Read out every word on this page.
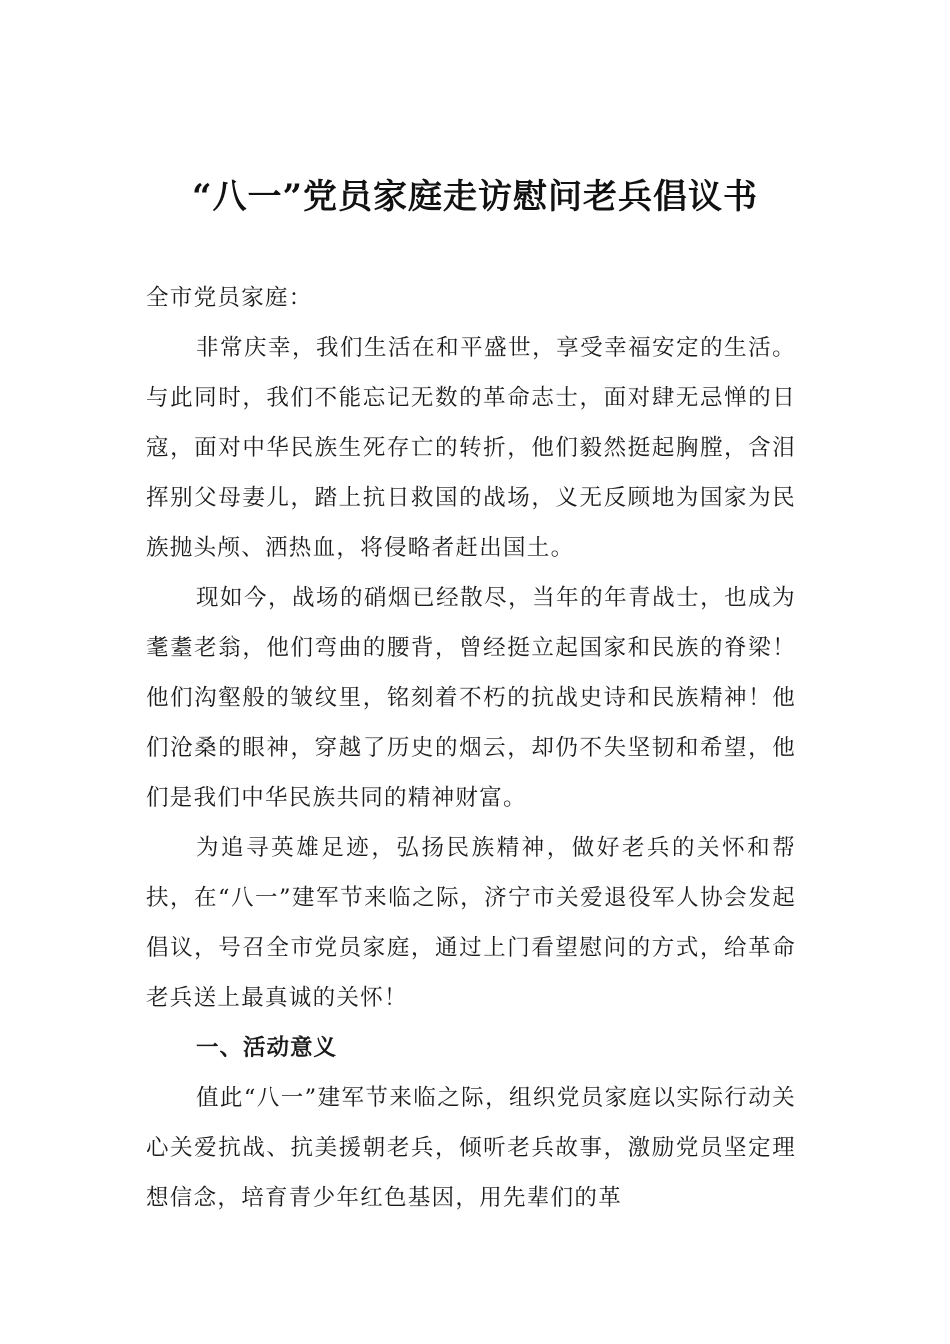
“八一”党员家庭走访慰问老兵倡议书

全市党员家庭：

非常庆幸，我们生活在和平盛世，享受幸福安定的生活。与此同时，我们不能忘记无数的革命志士，面对肆无忌惮的日寇，面对中华民族生死存亡的转折，他们毅然挺起胸膛，含泪挥别父母妻儿，踏上抗日救国的战场，义无反顾地为国家为民族抛头颅、洒热血，将侵略者赶出国土。

现如今，战场的硝烟已经散尽，当年的年青战士，也成为耄耋老翁，他们弯曲的腰背，曾经挺立起国家和民族的脊梁！他们沟壑般的皱纹里，铭刻着不朽的抗战史诗和民族精神！他们沧桑的眼神，穿越了历史的烟云，却仍不失坚韧和希望，他们是我们中华民族共同的精神财富。

为追寻英雄足迹，弘扬民族精神，做好老兵的关怀和帮扶，在“八一”建军节来临之际，济宁市关爱退役军人协会发起倡议，号召全市党员家庭，通过上门看望慰问的方式，给革命老兵送上最真诚的关怀！

一、活动意义

值此“八一”建军节来临之际，组织党员家庭以实际行动关心关爱抗战、抗美援朝老兵，倾听老兵故事，激励党员坚定理想信念，培育青少年红色基因，用先辈们的革
